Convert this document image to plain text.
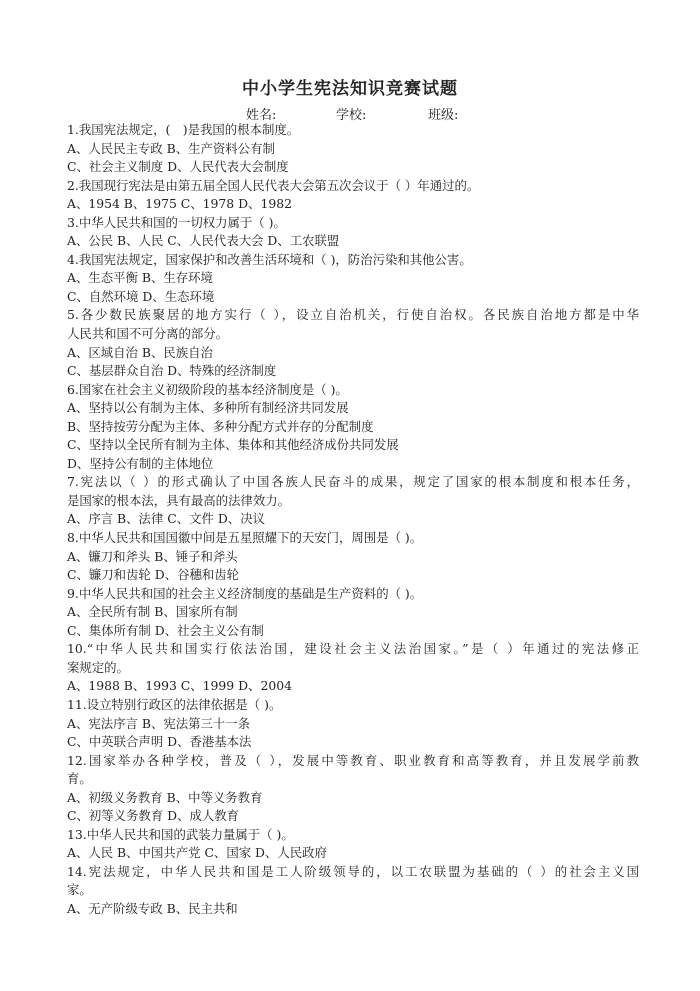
中小学生宪法知识竞赛试题
姓名:	学校:	班级:
1.我国宪法规定，(　)是我国的根本制度。
A、人民民主专政 B、生产资料公有制
C、社会主义制度 D、人民代表大会制度
2.我国现行宪法是由第五届全国人民代表大会第五次会议于（ ）年通过的。
A、1954 B、1975 C、1978 D、1982
3.中华人民共和国的一切权力属于（ )。
A、公民 B、人民 C、人民代表大会 D、工农联盟
4.我国宪法规定，国家保护和改善生活环境和（ )，防治污染和其他公害。
A、生态平衡 B、生存环境
C、自然环境 D、生态环境
5.各少数民族聚居的地方实行（ ），设立自治机关，行使自治权。各民族自治地方都是中华
人民共和国不可分离的部分。
A、区域自治 B、民族自治
C、基层群众自治 D、特殊的经济制度
6.国家在社会主义初级阶段的基本经济制度是（ )。
A、坚持以公有制为主体、多种所有制经济共同发展
B、坚持按劳分配为主体、多种分配方式并存的分配制度
C、坚持以全民所有制为主体、集体和其他经济成份共同发展
D、坚持公有制的主体地位
7.宪法以（ ）的形式确认了中国各族人民奋斗的成果，规定了国家的根本制度和根本任务，
是国家的根本法，具有最高的法律效力。
A、序言 B、法律 C、文件 D、决议
8.中华人民共和国国徽中间是五星照耀下的天安门，周围是（ )。
A、镰刀和斧头 B、锤子和斧头
C、镰刀和齿轮 D、谷穗和齿轮
9.中华人民共和国的社会主义经济制度的基础是生产资料的（ )。
A、全民所有制 B、国家所有制
C、集体所有制 D、社会主义公有制
10.“中华人民共和国实行依法治国，建设社会主义法治国家。”是（ ）年通过的宪法修正
案规定的。
A、1988 B、1993 C、1999 D、2004
11.设立特别行政区的法律依据是（ )。
A、宪法序言 B、宪法第三十一条
C、中英联合声明 D、香港基本法
12.国家举办各种学校，普及（ ），发展中等教育、职业教育和高等教育，并且发展学前教
育。
A、初级义务教育 B、中等义务教育
C、初等义务教育 D、成人教育
13.中华人民共和国的武装力量属于（ )。
A、人民 B、中国共产党 C、国家 D、人民政府
14.宪法规定，中华人民共和国是工人阶级领导的，以工农联盟为基础的（ ）的社会主义国
家。
A、无产阶级专政 B、民主共和
